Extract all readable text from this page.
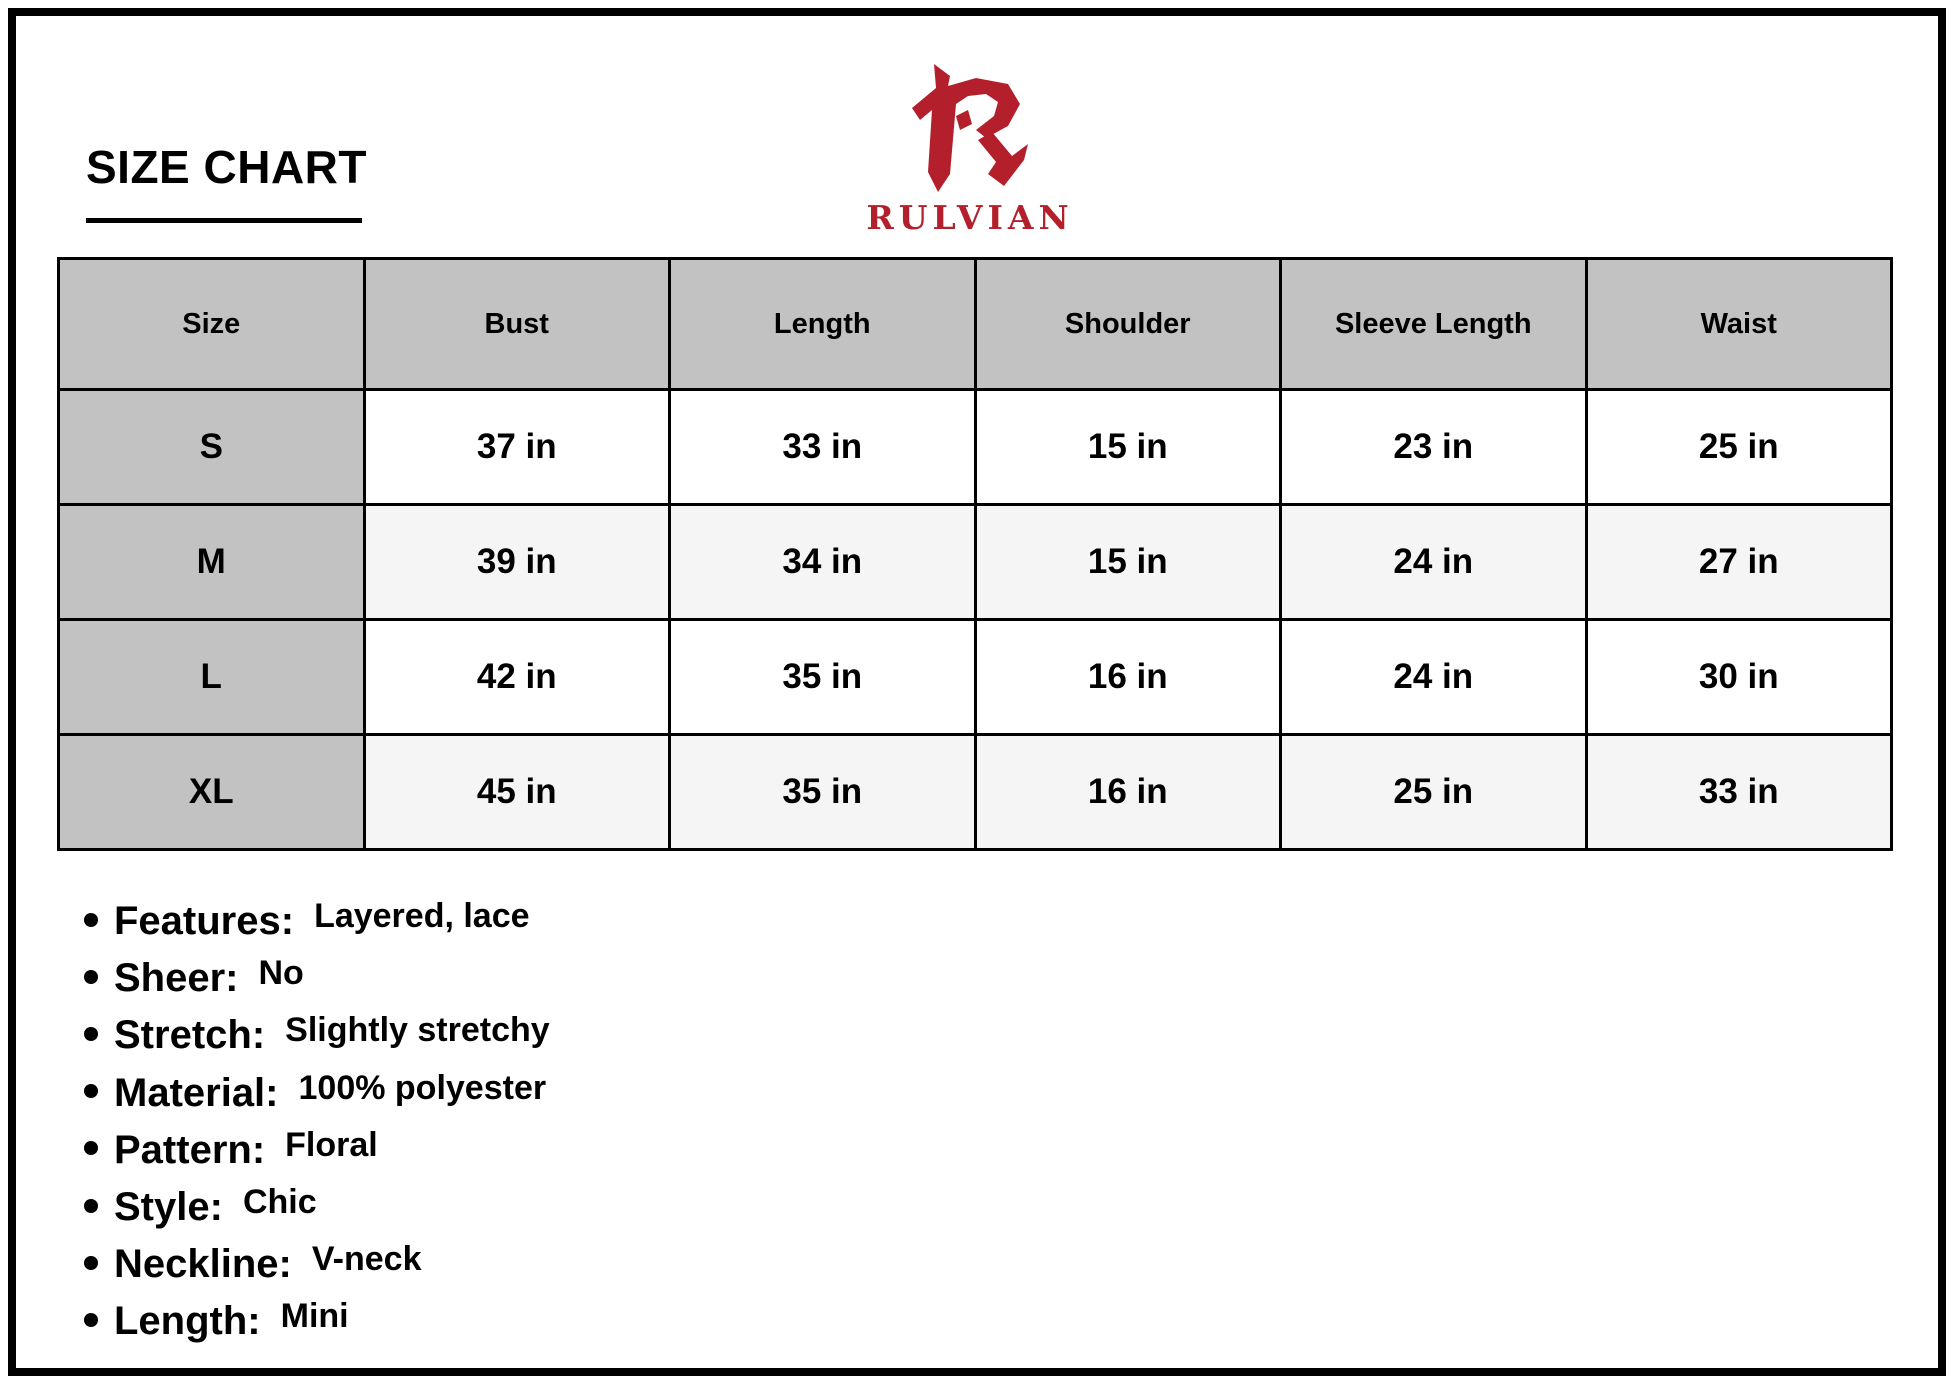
SIZE CHART
RULVIAN
Size	Bust	Length	Shoulder	Sleeve Length	Waist
S	37 in	33 in	15 in	23 in	25 in
M	39 in	34 in	15 in	24 in	27 in
L	42 in	35 in	16 in	24 in	30 in
XL	45 in	35 in	16 in	25 in	33 in
Features: Layered, lace
Sheer: No
Stretch: Slightly stretchy
Material: 100% polyester
Pattern: Floral
Style: Chic
Neckline: V-neck
Length: Mini
